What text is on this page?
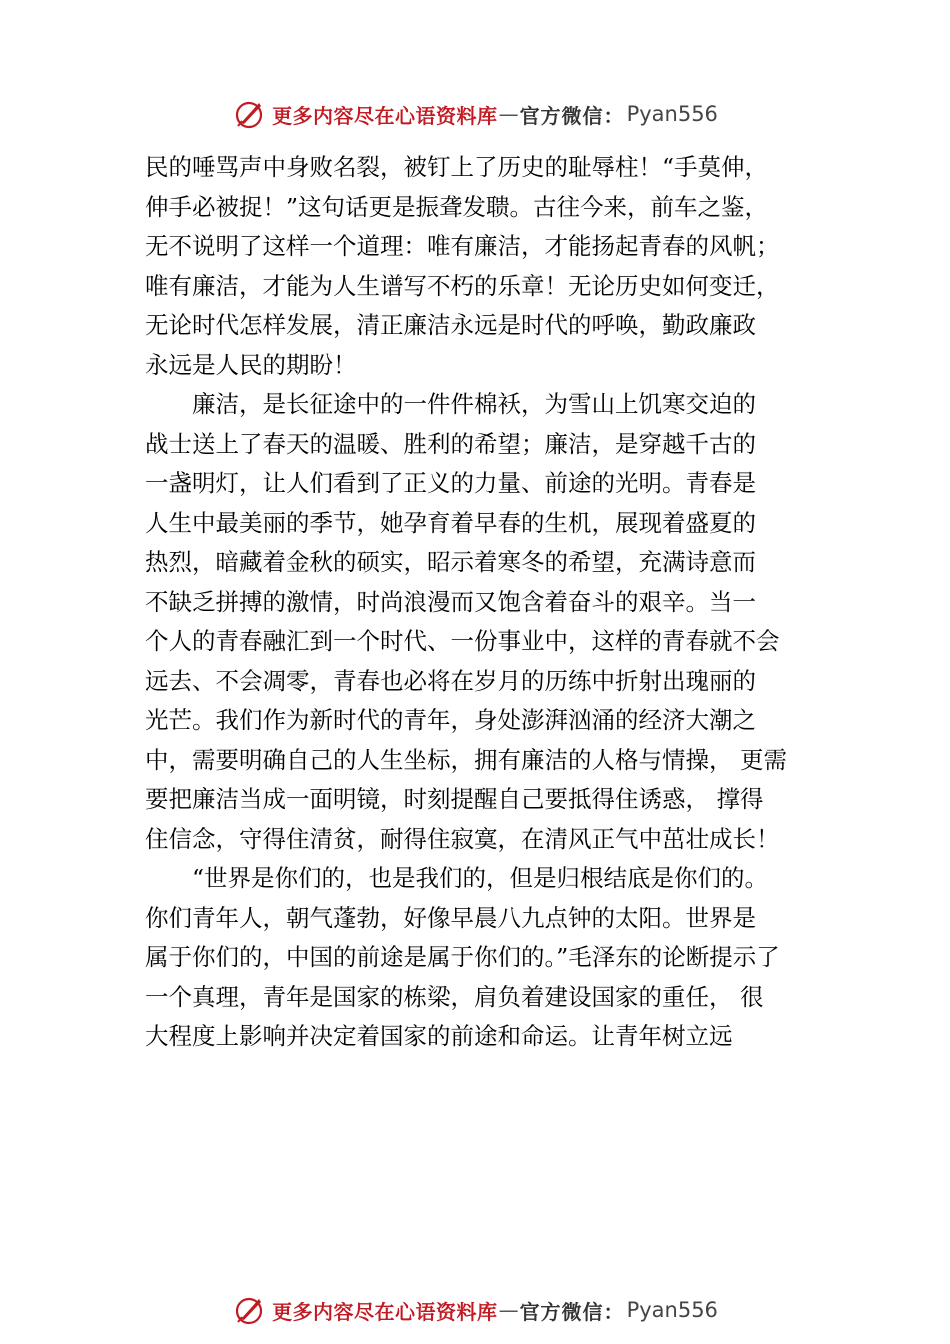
更多内容尽在心语资料库 — 官方微信： Pyan556
民的唾骂声中身败名裂，被钉上了历史的耻辱柱！“手莫伸，
伸手必被捉！”这句话更是振聋发聩。古往今来，前车之鉴，
无不说明了这样一个道理：唯有廉洁，才能扬起青春的风帆；
唯有廉洁，才能为人生谱写不朽的乐章！无论历史如何变迁，
无论时代怎样发展，清正廉洁永远是时代的呼唤，勤政廉政
永远是人民的期盼！
　　廉洁，是长征途中的一件件棉袄，为雪山上饥寒交迫的
战士送上了春天的温暖、胜利的希望；廉洁，是穿越千古的
一盏明灯，让人们看到了正义的力量、前途的光明。青春是
人生中最美丽的季节，她孕育着早春的生机，展现着盛夏的
热烈，暗藏着金秋的硕实，昭示着寒冬的希望，充满诗意而
不缺乏拼搏的激情，时尚浪漫而又饱含着奋斗的艰辛。当一
个人的青春融汇到一个时代、一份事业中，这样的青春就不会
远去、不会凋零，青春也必将在岁月的历练中折射出瑰丽的
光芒。我们作为新时代的青年，身处澎湃汹涌的经济大潮之
中，需要明确自己的人生坐标，拥有廉洁的人格与情操， 更需
要把廉洁当成一面明镜，时刻提醒自己要抵得住诱惑， 撑得
住信念，守得住清贫，耐得住寂寞，在清风正气中茁壮成长！
　　“世界是你们的，也是我们的，但是归根结底是你们的。
你们青年人，朝气蓬勃，好像早晨八九点钟的太阳。世界是
属于你们的，中国的前途是属于你们的。”毛泽东的论断提示了
一个真理，青年是国家的栋梁，肩负着建设国家的重任， 很
大程度上影响并决定着国家的前途和命运。让青年树立远
更多内容尽在心语资料库 — 官方微信： Pyan556
